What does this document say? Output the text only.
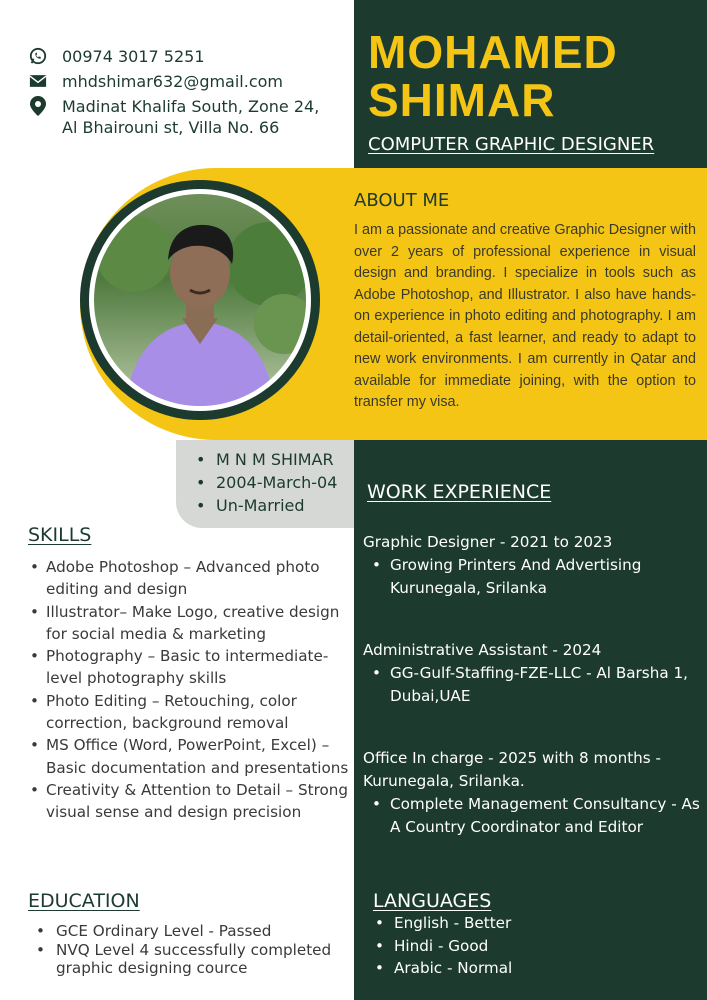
00974 3017 5251
mhdshimar632@gmail.com
Madinat Khalifa South, Zone 24,
Al Bhairouni st, Villa No. 66
MOHAMED
SHIMAR
COMPUTER GRAPHIC DESIGNER
ABOUT ME

I am a passionate and creative Graphic Designer with over 2 years of professional experience in visual design and branding. I specialize in tools such as Adobe Photoshop, and Illustrator. I also have hands-on experience in photo editing and photography. I am detail-oriented, a fast learner, and ready to adapt to new work environments. I am currently in Qatar and available for immediate joining, with the option to transfer my visa.

• M N M SHIMAR
• 2004-March-04
• Un-Married
SKILLS
• Adobe Photoshop – Advanced photo editing and design
• Illustrator– Make Logo, creative design for social media & marketing
• Photography – Basic to intermediate-level photography skills
• Photo Editing – Retouching, color correction, background removal
• MS Office (Word, PowerPoint, Excel) – Basic documentation and presentations
• Creativity & Attention to Detail – Strong visual sense and design precision
EDUCATION
• GCE Ordinary Level - Passed
• NVQ Level 4 successfully completed graphic designing cource
WORK EXPERIENCE
Graphic Designer - 2021 to 2023
• Growing Printers And Advertising Kurunegala, Srilanka
Administrative Assistant - 2024
• GG-Gulf-Staffing-FZE-LLC - Al Barsha 1, Dubai,UAE
Office In charge - 2025 with 8 months - Kurunegala, Srilanka.
• Complete Management Consultancy - As A Country Coordinator and Editor
LANGUAGES
• English - Better
• Hindi - Good
• Arabic - Normal
